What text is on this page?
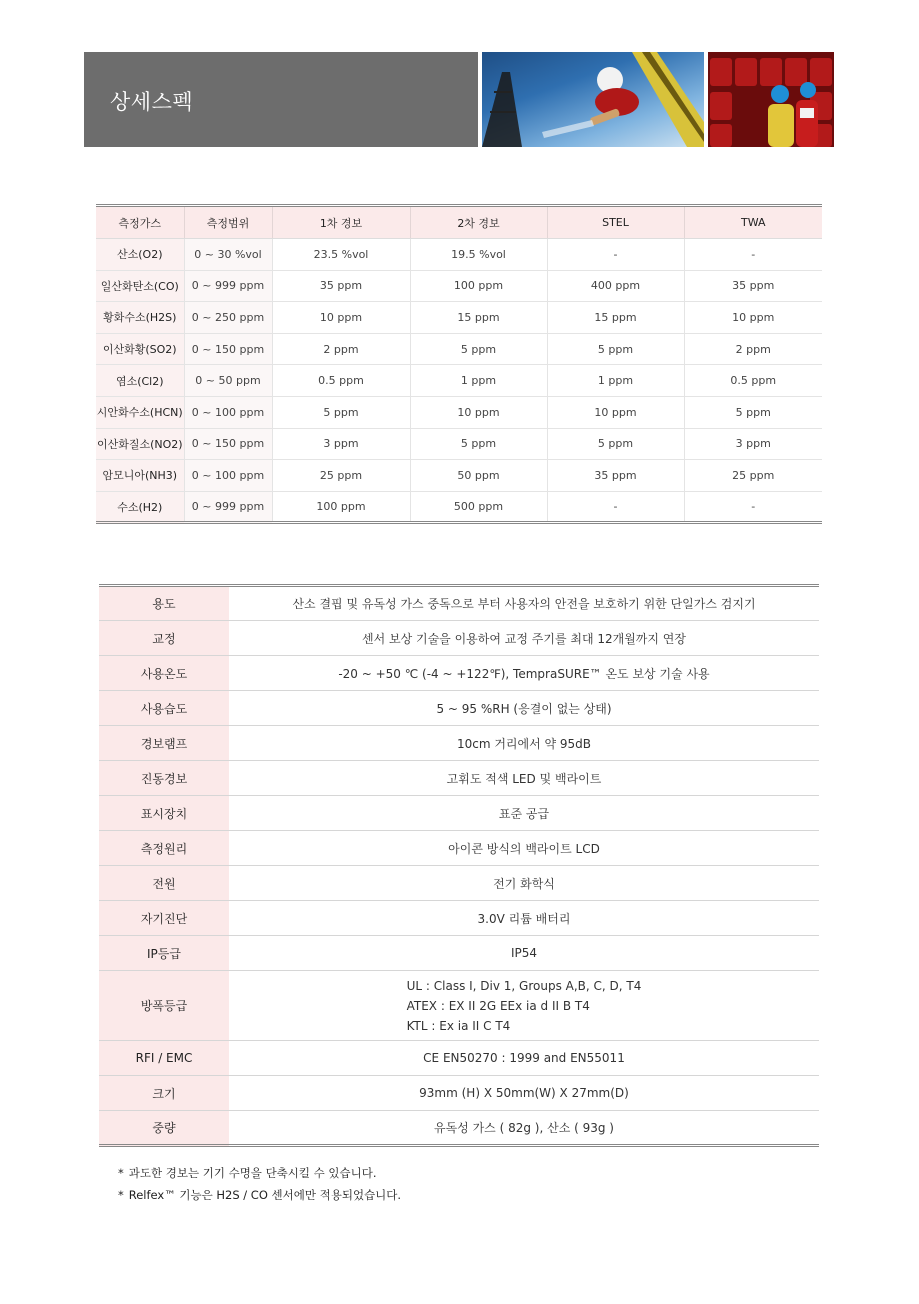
상세스펙
측정가스	측정범위	1차 경보	2차 경보	STEL	TWA
산소(O2)	0 ~ 30 %vol	23.5 %vol	19.5 %vol	-	-
일산화탄소(CO)	0 ~ 999 ppm	35 ppm	100 ppm	400 ppm	35 ppm
황화수소(H2S)	0 ~ 250 ppm	10 ppm	15 ppm	15 ppm	10 ppm
이산화황(SO2)	0 ~ 150 ppm	2 ppm	5 ppm	5 ppm	2 ppm
염소(Cl2)	0 ~ 50 ppm	0.5 ppm	1 ppm	1 ppm	0.5 ppm
시안화수소(HCN)	0 ~ 100 ppm	5 ppm	10 ppm	10 ppm	5 ppm
이산화질소(NO2)	0 ~ 150 ppm	3 ppm	5 ppm	5 ppm	3 ppm
암모니아(NH3)	0 ~ 100 ppm	25 ppm	50 ppm	35 ppm	25 ppm
수소(H2)	0 ~ 999 ppm	100 ppm	500 ppm	-	-
용도	산소 결핍 및 유독성 가스 중독으로 부터 사용자의 안전을 보호하기 위한 단일가스 검지기
교정	센서 보상 기술을 이용하여 교정 주기를 최대 12개월까지 연장
사용온도	-20 ~ +50 ℃ (-4 ~ +122℉), TempraSURE™ 온도 보상 기술 사용
사용습도	5 ~ 95 %RH (응결이 없는 상태)
경보램프	10cm 거리에서 약 95dB
진동경보	고휘도 적색 LED 및 백라이트
표시장치	표준 공급
측정원리	아이콘 방식의 백라이트 LCD
전원	전기 화학식
자기진단	3.0V 리튬 배터리
IP등급	IP54
방폭등급	UL : Class I, Div 1, Groups A,B, C, D, T4
ATEX : EX II 2G EEx ia d II B T4
KTL : Ex ia II C T4

RFI / EMC	CE EN50270 : 1999 and EN55011
크기	93mm (H) X 50mm(W) X 27mm(D)
중량	유독성 가스 ( 82g ), 산소 ( 93g )
* 과도한 경보는 기기 수명을 단축시킬 수 있습니다.
* Relfex™ 기능은 H2S / CO 센서에만 적용되었습니다.
